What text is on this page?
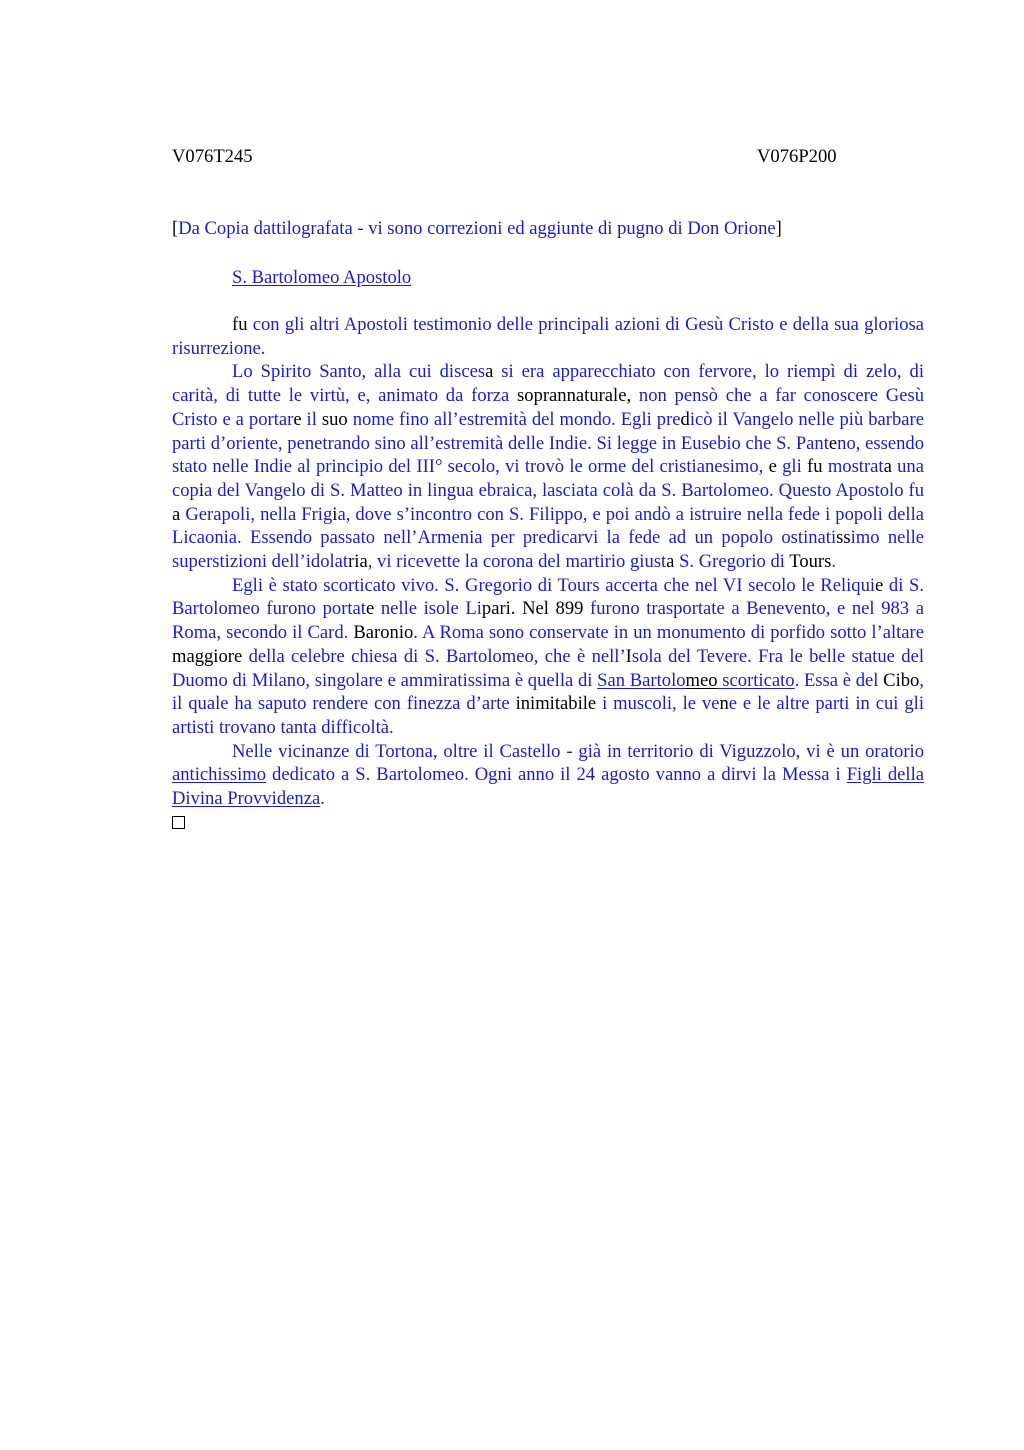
V076T245	V076P200
[Da Copia dattilografata - vi sono correzioni ed aggiunte di pugno di Don Orione]
S. Bartolomeo Apostolo

fu con gli altri Apostoli testimonio delle principali azioni di Gesù Cristo e della sua gloriosa risurrezione.

Lo Spirito Santo, alla cui discesa si era apparecchiato con fervore, lo riempì di zelo, di carità, di tutte le virtù, e, animato da forza soprannaturale, non pensò che a far conoscere Gesù Cristo e a portare il suo nome fino all’estremità del mondo. Egli predicò il Vangelo nelle più barbare parti d’oriente, penetrando sino all’estremità delle Indie. Si legge in Eusebio che S. Panteno, essendo stato nelle Indie al principio del III° secolo, vi trovò le orme del cristianesimo, e gli fu mostrata una copia del Vangelo di S. Matteo in lingua ebraica, lasciata colà da S. Bartolomeo. Questo Apostolo fu a Gerapoli, nella Frigia, dove s’incontro con S. Filippo, e poi andò a istruire nella fede i popoli della Licaonia. Essendo passato nell’Armenia per predicarvi la fede ad un popolo ostinatissimo nelle superstizioni dell’idolatria, vi ricevette la corona del martirio giusta S. Gregorio di Tours.

Egli è stato scorticato vivo. S. Gregorio di Tours accerta che nel VI secolo le Reliquie di S. Bartolomeo furono portate nelle isole Lipari. Nel 899 furono trasportate a Benevento, e nel 983 a Roma, secondo il Card. Baronio. A Roma sono conservate in un monumento di porfido sotto l’altare maggiore della celebre chiesa di S. Bartolomeo, che è nell’Isola del Tevere. Fra le belle statue del Duomo di Milano, singolare e ammiratissima è quella di San Bartolomeo scorticato. Essa è del Cibo, il quale ha saputo rendere con finezza d’arte inimitabile i muscoli, le vene e le altre parti in cui gli artisti trovano tanta difficoltà.

Nelle vicinanze di Tortona, oltre il Castello - già in territorio di Viguzzolo, vi è un oratorio antichissimo dedicato a S. Bartolomeo. Ogni anno il 24 agosto vanno a dirvi la Messa i Figli della Divina Provvidenza.
